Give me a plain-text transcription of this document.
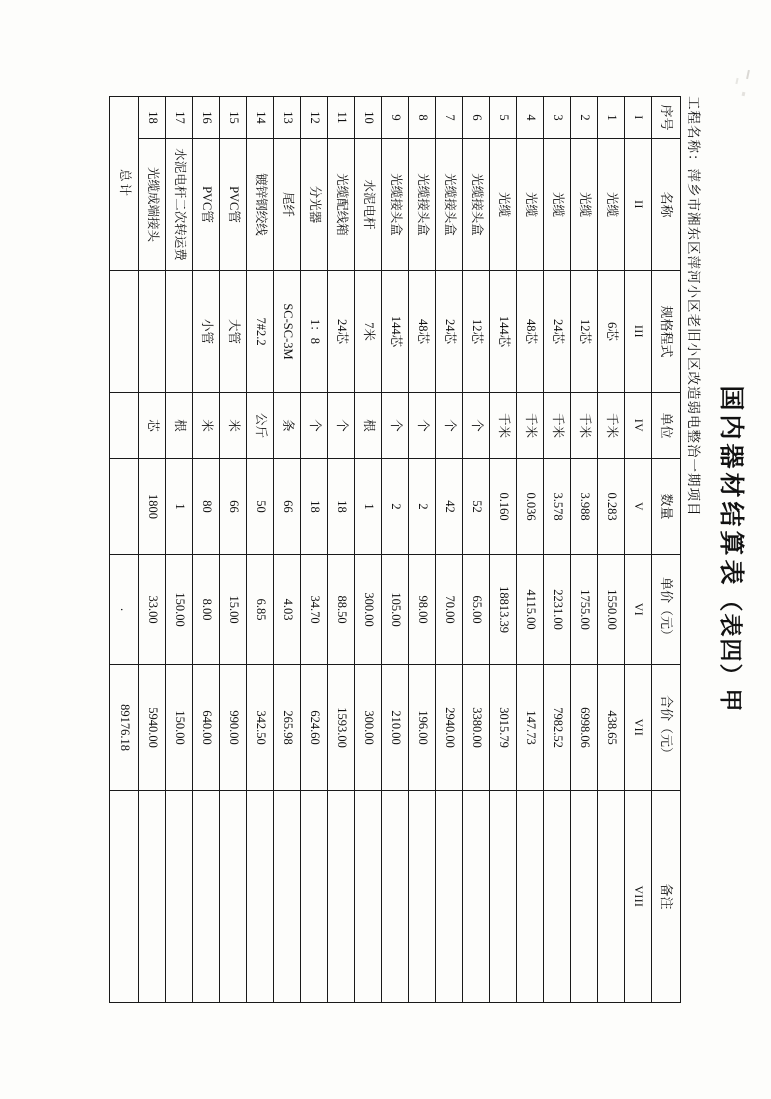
国内器材结算表（表四）甲
工程名称：萍乡市湘东区萍河小区老旧小区改造弱电整治一期项目
序号	名称	规格程式	单位	数量	单价（元）	合价（元）	备注
I	II	III	IV	V	VI	VII	VIII
1	光缆	6芯	千米	0.283	1550.00	438.65	
2	光缆	12芯	千米	3.988	1755.00	6998.06	
3	光缆	24芯	千米	3.578	2231.00	7982.52	
4	光缆	48芯	千米	0.036	4115.00	147.73	
5	光缆	144芯	千米	0.160	18813.39	3015.79	
6	光缆接头盒	12芯	个	52	65.00	3380.00	
7	光缆接头盒	24芯	个	42	70.00	2940.00	
8	光缆接头盒	48芯	个	2	98.00	196.00	
9	光缆接头盒	144芯	个	2	105.00	210.00	
10	水泥电杆	7米	根	1	300.00	300.00	
11	光缆配线箱	24芯	个	18	88.50	1593.00	
12	分光器	1：8	个	18	34.70	624.60	
13	尾纤	SC-SC-3M	条	66	4.03	265.98	
14	镀锌钢绞线	7#2.2	公斤	50	6.85	342.50	
15	PVC管	大管	米	66	15.00	990.00	
16	PVC管	小管	米	80	8.00	640.00	
17	水泥电杆二次转运费		根	1	150.00	150.00	
18	光缆成端接头		芯	1800	33.00	5940.00	
总计					.	89176.18	
